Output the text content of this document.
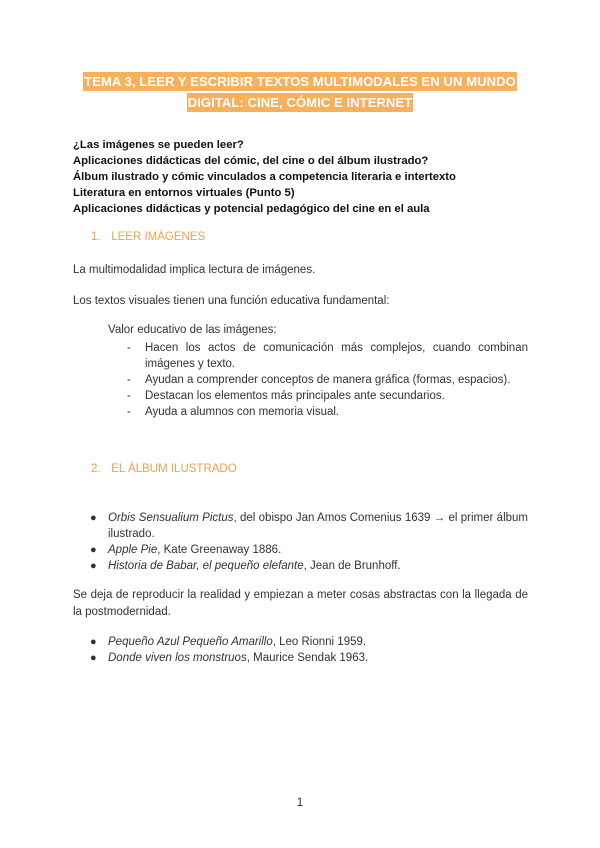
TEMA 3, LEER Y ESCRIBIR TEXTOS MULTIMODALES EN UN MUNDO
DIGITAL: CINE, CÓMIC E INTERNET
¿Las imágenes se pueden leer?
Aplicaciones didácticas del cómic, del cine o del álbum ilustrado?
Álbum ilustrado y cómic vinculados a competencia literaria e intertexto
Literatura en entornos virtuales (Punto 5)
Aplicaciones didácticas y potencial pedagógico del cine en el aula
1. LEER IMÁGENES
La multimodalidad implica lectura de imágenes.
Los textos visuales tienen una función educativa fundamental:
Valor educativo de las imágenes:
Hacen los actos de comunicación más complejos, cuando combinan imágenes y texto.
Ayudan a comprender conceptos de manera gráfica (formas, espacios).
Destacan los elementos más principales ante secundarios.
Ayuda a alumnos con memoria visual.
2. EL ÁLBUM ILUSTRADO
● Orbis Sensualium Pictus, del obispo Jan Amos Comenius 1639 → el primer álbum ilustrado.
● Apple Pie, Kate Greenaway 1886.
● Historia de Babar, el pequeño elefante, Jean de Brunhoff.
Se deja de reproducir la realidad y empiezan a meter cosas abstractas con la llegada de la postmodernidad.
● Pequeño Azul Pequeño Amarillo, Leo Rionni 1959.
● Donde viven los monstruos, Maurice Sendak 1963.
1
